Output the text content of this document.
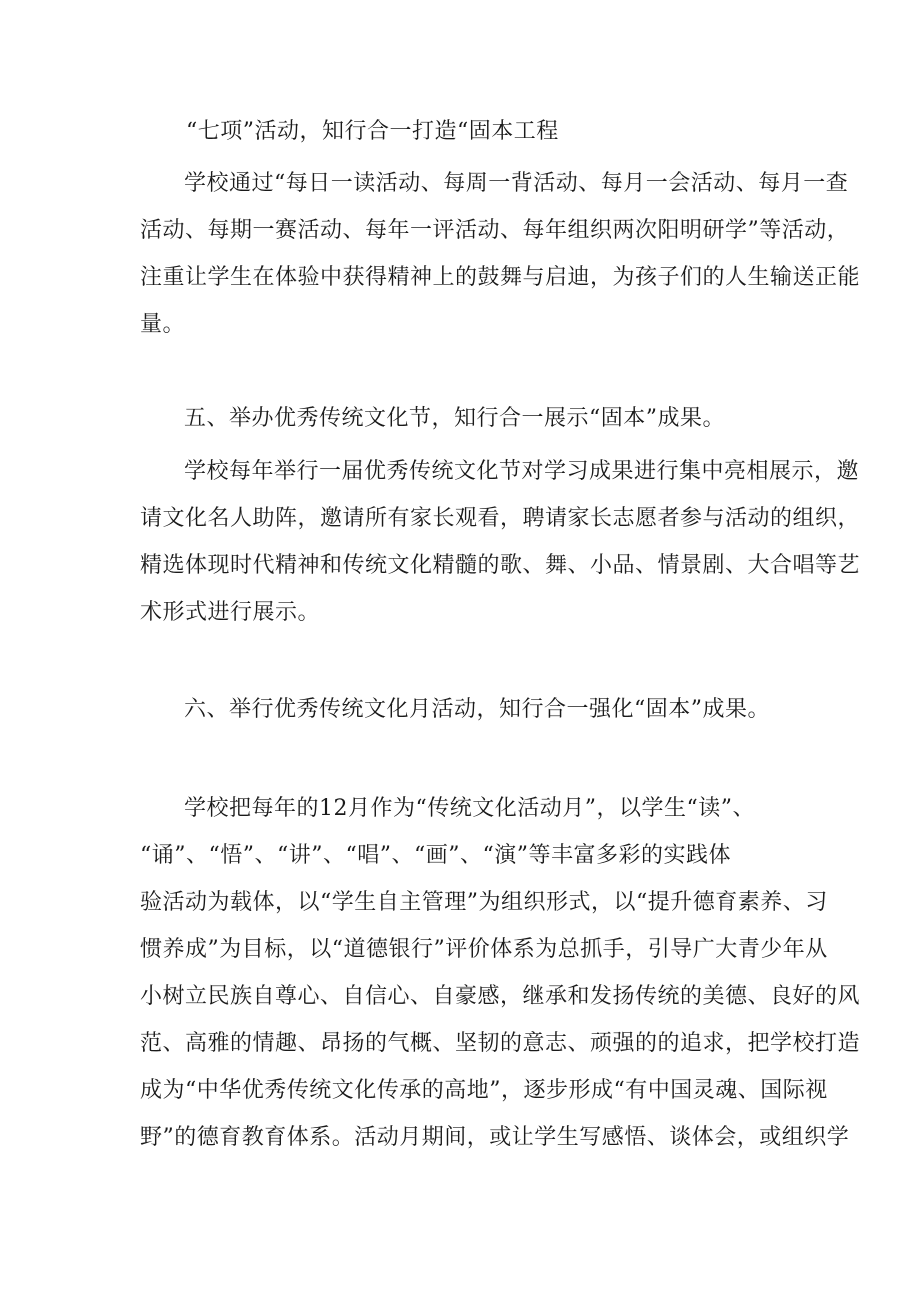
“七项”活动，知行合一打造“固本工程
学校通过“每日一读活动、每周一背活动、每月一会活动、每月一查
活动、每期一赛活动、每年一评活动、每年组织两次阳明研学”等活动，
注重让学生在体验中获得精神上的鼓舞与启迪，为孩子们的人生输送正能
量。
五、举办优秀传统文化节，知行合一展示“固本”成果。
学校每年举行一届优秀传统文化节对学习成果进行集中亮相展示，邀
请文化名人助阵，邀请所有家长观看，聘请家长志愿者参与活动的组织，
精选体现时代精神和传统文化精髓的歌、舞、小品、情景剧、大合唱等艺
术形式进行展示。
六、举行优秀传统文化月活动，知行合一强化“固本”成果。
学校把每年的12月作为“传统文化活动月”，以学生“读”、
“诵”、“悟”、“讲”、“唱”、“画”、“演”等丰富多彩的实践体
验活动为载体，以“学生自主管理”为组织形式，以“提升德育素养、习
惯养成”为目标，以“道德银行”评价体系为总抓手，引导广大青少年从
小树立民族自尊心、自信心、自豪感，继承和发扬传统的美德、良好的风
范、高雅的情趣、昂扬的气概、坚韧的意志、顽强的的追求，把学校打造
成为“中华优秀传统文化传承的高地”，逐步形成“有中国灵魂、国际视
野”的德育教育体系。活动月期间，或让学生写感悟、谈体会，或组织学
